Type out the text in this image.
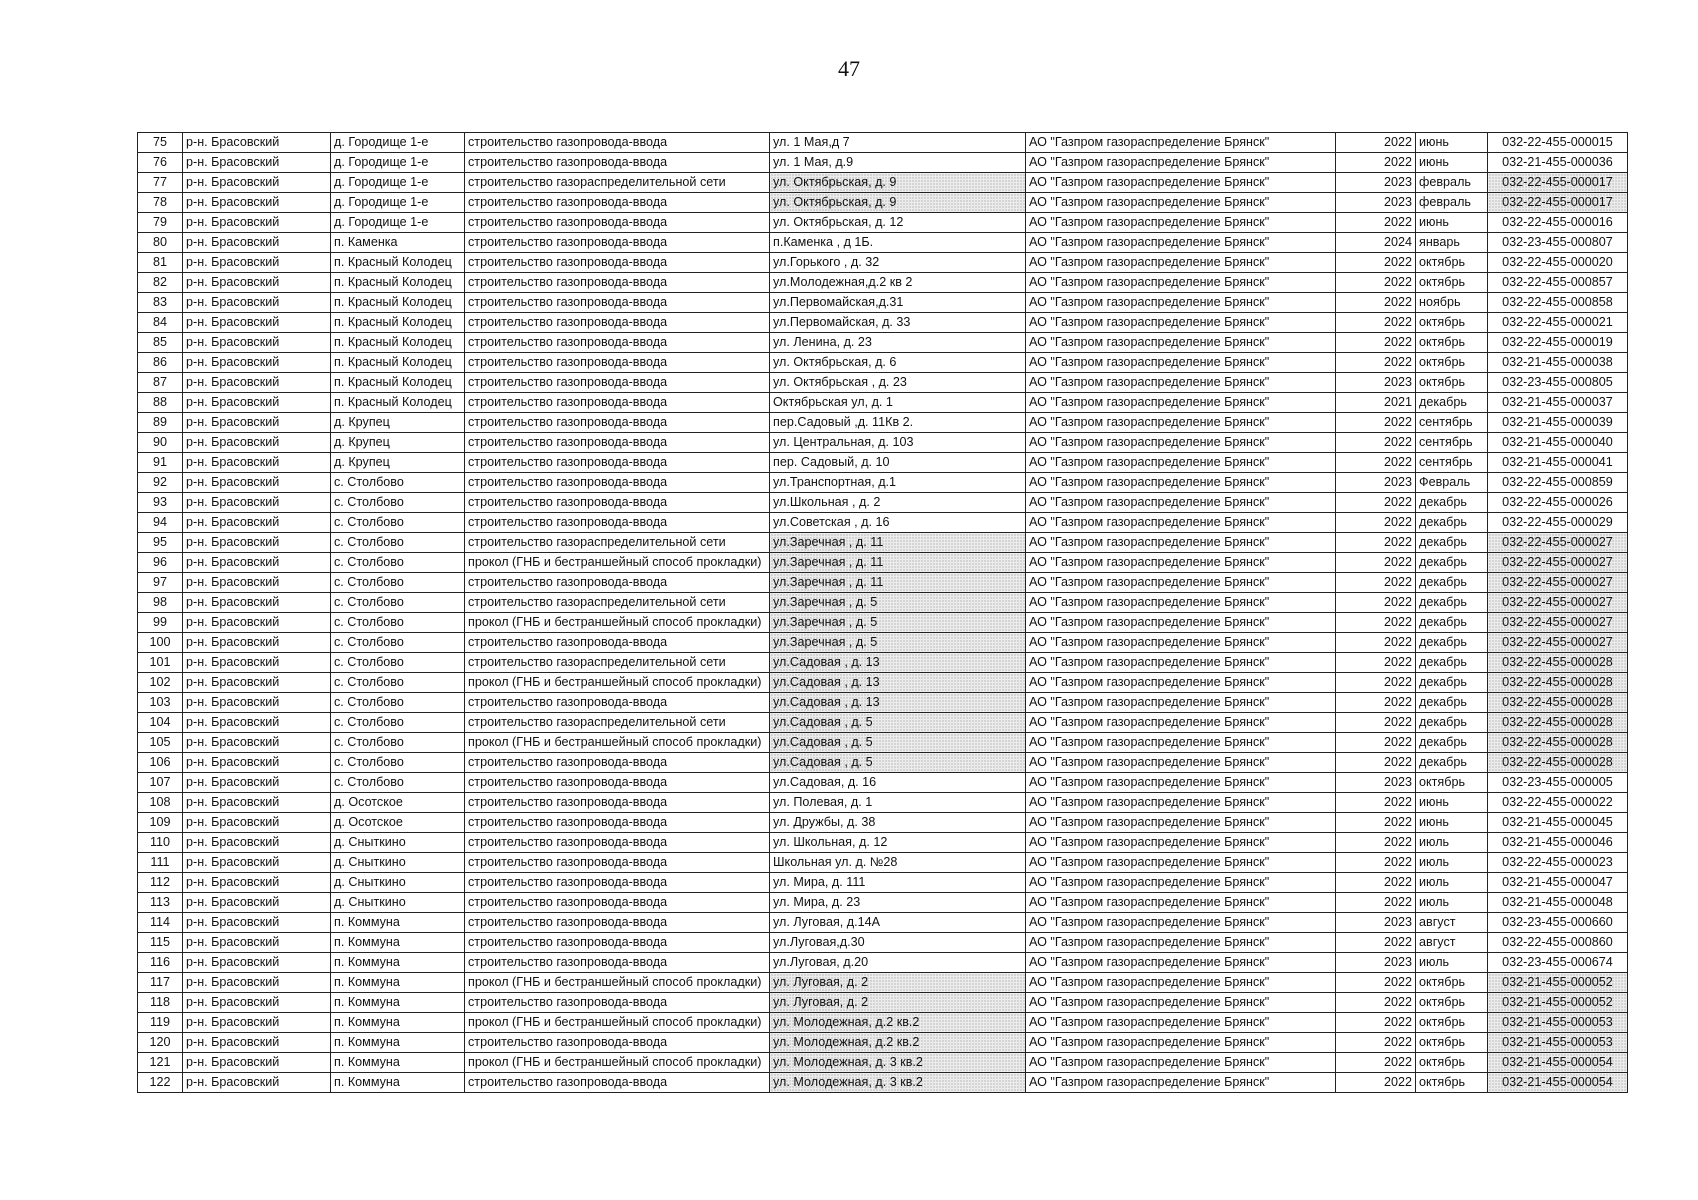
47
75	р-н. Брасовский	д. Городище 1-е	строительство газопровода-ввода	ул. 1 Мая,д 7	АО "Газпром газораспределение Брянск"	2022	июнь	032-22-455-000015
76	р-н. Брасовский	д. Городище 1-е	строительство газопровода-ввода	ул. 1 Мая, д.9	АО "Газпром газораспределение Брянск"	2022	июнь	032-21-455-000036
77	р-н. Брасовский	д. Городище 1-е	строительство газораспределительной сети	ул. Октябрьская, д. 9	АО "Газпром газораспределение Брянск"	2023	февраль	032-22-455-000017
78	р-н. Брасовский	д. Городище 1-е	строительство газопровода-ввода	ул. Октябрьская, д. 9	АО "Газпром газораспределение Брянск"	2023	февраль	032-22-455-000017
79	р-н. Брасовский	д. Городище 1-е	строительство газопровода-ввода	ул. Октябрьская, д. 12	АО "Газпром газораспределение Брянск"	2022	июнь	032-22-455-000016
80	р-н. Брасовский	п. Каменка	строительство газопровода-ввода	п.Каменка , д 1Б.	АО "Газпром газораспределение Брянск"	2024	январь	032-23-455-000807
81	р-н. Брасовский	п. Красный Колодец	строительство газопровода-ввода	ул.Горького , д. 32	АО "Газпром газораспределение Брянск"	2022	октябрь	032-22-455-000020
82	р-н. Брасовский	п. Красный Колодец	строительство газопровода-ввода	ул.Молодежная,д.2 кв 2	АО "Газпром газораспределение Брянск"	2022	октябрь	032-22-455-000857
83	р-н. Брасовский	п. Красный Колодец	строительство газопровода-ввода	ул.Первомайская,д.31	АО "Газпром газораспределение Брянск"	2022	ноябрь	032-22-455-000858
84	р-н. Брасовский	п. Красный Колодец	строительство газопровода-ввода	ул.Первомайская, д. 33	АО "Газпром газораспределение Брянск"	2022	октябрь	032-22-455-000021
85	р-н. Брасовский	п. Красный Колодец	строительство газопровода-ввода	ул. Ленина, д. 23	АО "Газпром газораспределение Брянск"	2022	октябрь	032-22-455-000019
86	р-н. Брасовский	п. Красный Колодец	строительство газопровода-ввода	ул. Октябрьская, д. 6	АО "Газпром газораспределение Брянск"	2022	октябрь	032-21-455-000038
87	р-н. Брасовский	п. Красный Колодец	строительство газопровода-ввода	ул. Октябрьская , д. 23	АО "Газпром газораспределение Брянск"	2023	октябрь	032-23-455-000805
88	р-н. Брасовский	п. Красный Колодец	строительство газопровода-ввода	Октябрьская ул, д. 1	АО "Газпром газораспределение Брянск"	2021	декабрь	032-21-455-000037
89	р-н. Брасовский	д. Крупец	строительство газопровода-ввода	пер.Садовый ,д. 11Кв 2.	АО "Газпром газораспределение Брянск"	2022	сентябрь	032-21-455-000039
90	р-н. Брасовский	д. Крупец	строительство газопровода-ввода	ул. Центральная, д. 103	АО "Газпром газораспределение Брянск"	2022	сентябрь	032-21-455-000040
91	р-н. Брасовский	д. Крупец	строительство газопровода-ввода	пер. Садовый, д. 10	АО "Газпром газораспределение Брянск"	2022	сентябрь	032-21-455-000041
92	р-н. Брасовский	с. Столбово	строительство газопровода-ввода	ул.Транспортная, д.1	АО "Газпром газораспределение Брянск"	2023	Февраль	032-22-455-000859
93	р-н. Брасовский	с. Столбово	строительство газопровода-ввода	ул.Школьная , д. 2	АО "Газпром газораспределение Брянск"	2022	декабрь	032-22-455-000026
94	р-н. Брасовский	с. Столбово	строительство газопровода-ввода	ул.Советская , д. 16	АО "Газпром газораспределение Брянск"	2022	декабрь	032-22-455-000029
95	р-н. Брасовский	с. Столбово	строительство газораспределительной сети	ул.Заречная , д. 11	АО "Газпром газораспределение Брянск"	2022	декабрь	032-22-455-000027
96	р-н. Брасовский	с. Столбово	прокол (ГНБ и бестраншейный способ прокладки)	ул.Заречная , д. 11	АО "Газпром газораспределение Брянск"	2022	декабрь	032-22-455-000027
97	р-н. Брасовский	с. Столбово	строительство газопровода-ввода	ул.Заречная , д. 11	АО "Газпром газораспределение Брянск"	2022	декабрь	032-22-455-000027
98	р-н. Брасовский	с. Столбово	строительство газораспределительной сети	ул.Заречная , д. 5	АО "Газпром газораспределение Брянск"	2022	декабрь	032-22-455-000027
99	р-н. Брасовский	с. Столбово	прокол (ГНБ и бестраншейный способ прокладки)	ул.Заречная , д. 5	АО "Газпром газораспределение Брянск"	2022	декабрь	032-22-455-000027
100	р-н. Брасовский	с. Столбово	строительство газопровода-ввода	ул.Заречная , д. 5	АО "Газпром газораспределение Брянск"	2022	декабрь	032-22-455-000027
101	р-н. Брасовский	с. Столбово	строительство газораспределительной сети	ул.Садовая , д. 13	АО "Газпром газораспределение Брянск"	2022	декабрь	032-22-455-000028
102	р-н. Брасовский	с. Столбово	прокол (ГНБ и бестраншейный способ прокладки)	ул.Садовая , д. 13	АО "Газпром газораспределение Брянск"	2022	декабрь	032-22-455-000028
103	р-н. Брасовский	с. Столбово	строительство газопровода-ввода	ул.Садовая , д. 13	АО "Газпром газораспределение Брянск"	2022	декабрь	032-22-455-000028
104	р-н. Брасовский	с. Столбово	строительство газораспределительной сети	ул.Садовая , д. 5	АО "Газпром газораспределение Брянск"	2022	декабрь	032-22-455-000028
105	р-н. Брасовский	с. Столбово	прокол (ГНБ и бестраншейный способ прокладки)	ул.Садовая , д. 5	АО "Газпром газораспределение Брянск"	2022	декабрь	032-22-455-000028
106	р-н. Брасовский	с. Столбово	строительство газопровода-ввода	ул.Садовая , д. 5	АО "Газпром газораспределение Брянск"	2022	декабрь	032-22-455-000028
107	р-н. Брасовский	с. Столбово	строительство газопровода-ввода	ул.Садовая, д. 16	АО "Газпром газораспределение Брянск"	2023	октябрь	032-23-455-000005
108	р-н. Брасовский	д. Осотское	строительство газопровода-ввода	ул. Полевая, д. 1	АО "Газпром газораспределение Брянск"	2022	июнь	032-22-455-000022
109	р-н. Брасовский	д. Осотское	строительство газопровода-ввода	ул. Дружбы, д. 38	АО "Газпром газораспределение Брянск"	2022	июнь	032-21-455-000045
110	р-н. Брасовский	д. Сныткино	строительство газопровода-ввода	ул. Школьная, д. 12	АО "Газпром газораспределение Брянск"	2022	июль	032-21-455-000046
111	р-н. Брасовский	д. Сныткино	строительство газопровода-ввода	Школьная ул. д. №28	АО "Газпром газораспределение Брянск"	2022	июль	032-22-455-000023
112	р-н. Брасовский	д. Сныткино	строительство газопровода-ввода	ул. Мира, д. 111	АО "Газпром газораспределение Брянск"	2022	июль	032-21-455-000047
113	р-н. Брасовский	д. Сныткино	строительство газопровода-ввода	ул. Мира, д. 23	АО "Газпром газораспределение Брянск"	2022	июль	032-21-455-000048
114	р-н. Брасовский	п. Коммуна	строительство газопровода-ввода	ул. Луговая, д.14А	АО "Газпром газораспределение Брянск"	2023	август	032-23-455-000660
115	р-н. Брасовский	п. Коммуна	строительство газопровода-ввода	ул.Луговая,д.30	АО "Газпром газораспределение Брянск"	2022	август	032-22-455-000860
116	р-н. Брасовский	п. Коммуна	строительство газопровода-ввода	ул.Луговая, д.20	АО "Газпром газораспределение Брянск"	2023	июль	032-23-455-000674
117	р-н. Брасовский	п. Коммуна	прокол (ГНБ и бестраншейный способ прокладки)	ул. Луговая, д. 2	АО "Газпром газораспределение Брянск"	2022	октябрь	032-21-455-000052
118	р-н. Брасовский	п. Коммуна	строительство газопровода-ввода	ул. Луговая, д. 2	АО "Газпром газораспределение Брянск"	2022	октябрь	032-21-455-000052
119	р-н. Брасовский	п. Коммуна	прокол (ГНБ и бестраншейный способ прокладки)	ул. Молодежная, д.2 кв.2	АО "Газпром газораспределение Брянск"	2022	октябрь	032-21-455-000053
120	р-н. Брасовский	п. Коммуна	строительство газопровода-ввода	ул. Молодежная, д.2 кв.2	АО "Газпром газораспределение Брянск"	2022	октябрь	032-21-455-000053
121	р-н. Брасовский	п. Коммуна	прокол (ГНБ и бестраншейный способ прокладки)	ул. Молодежная, д. 3 кв.2	АО "Газпром газораспределение Брянск"	2022	октябрь	032-21-455-000054
122	р-н. Брасовский	п. Коммуна	строительство газопровода-ввода	ул. Молодежная, д. 3 кв.2	АО "Газпром газораспределение Брянск"	2022	октябрь	032-21-455-000054
